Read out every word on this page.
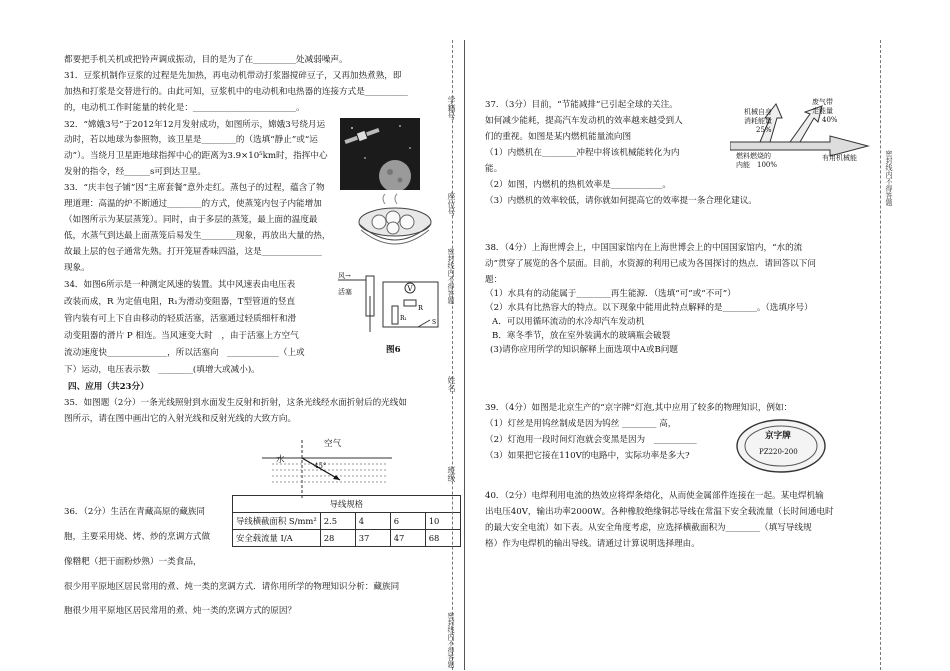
都要把手机关机或把铃声调成振动，目的是为了在__________处减弱噪声。
31．豆浆机制作豆浆的过程是先加热，再电动机带动打浆器搅碎豆子，又再加热煮熟，即
加热和打浆是交替进行的。由此可知，豆浆机中的电动机和电热器的连接方式是__________
的，电动机工作时能量的转化是：________________________。
32．“嫦娥3号”于2012年12月发射成功，如图所示，嫦娥3号绕月运
动时，若以地球为参照物，该卫星是________的（选填“静止”或“运
动”）。当绕月卫星距地球指挥中心的距离为3.9×10⁵km时，指挥中心
发射的指令，经______s可到达卫星。
33．“庆丰包子铺”因“主席套餐”意外走红。蒸包子的过程，蕴含了物
理道理：高温的炉不断通过________的方式，使蒸笼内包子内能增加
（如图所示为某层蒸笼）。同时，由于多层的蒸笼，最上面的温度最
低，水蒸气到达最上面蒸笼后易发生________现象，再放出大量的热，
故最上层的包子通常先熟。打开笼屉香味四溢，这是______________
现象。
34．如图6所示是一种测定风速的装置。其中风速表由电压表
改装而成，R 为定值电阻，R₁为滑动变阻器，T型管道的竖直
管内装有可上下自由移动的轻质活塞，活塞通过轻质细杆和滑
动变阻器的滑片 P 相连。当风速变大时　，由于活塞上方空气
流动速度快______________，所以活塞向　____________（上或
下）运动，电压表示数　________(填增大或减小)。
四、应用（共23分）
35．如图题（2分）一条光线照射到水面发生反射和折射，这条光线经水面折射后的光线如
图所示，请在图中画出它的入射光线和反射光线的大致方向。
36．（2分）生活在青藏高原的藏族同
胞，主要采用烧、烤、炒的烹调方式做
像糌粑（把干面粉炒熟）一类食品，
很少用平原地区居民常用的煮、炖一类的烹调方式．请你用所学的物理知识分析：藏族同
胞很少用平原地区居民常用的煮、炖一类的烹调方式的原因？
V
R
R₁
S
风→
活塞
图6
空气
水
45°
导线规格				
导线横截面积 S/mm²	2.5	4	6	10
安全载流量 I/A	28	37	47	68
学籍号
座位号
密封线内不得答题
姓名
班级
密封线内不得答题
密封线内不得答题
37．（3分）目前，“节能减排”已引起全球的关注。
如何减少能耗，提高汽车发动机的效率越来越受到人
们的重视。如图是某内燃机能量流向图
（1）内燃机在________冲程中将该机械能转化为内
能。
（2）如图，内燃机的热机效率是____________。
（3）内燃机的效率较低，请你就如何提高它的效率提一条合理化建议。
机械自身
消耗能量
25%
废气带
走能量
40%
燃料燃烧的
内能　100%
有用机械能
38．（4分）上海世博会上，中国国家馆内在上海世博会上的中国国家馆内，“水的流
动”贯穿了展览的各个层面。目前，水资源的利用已成为各国探讨的热点．请回答以下问
题：
（1）水具有的动能属于________再生能源．（选填“可”或“不可”）
（2）水具有比热容大的特点。以下现象中能用此特点解释的是________。（选填序号）
A．可以用循环流动的水冷却汽车发动机
B．寒冬季节，放在室外装满水的玻璃瓶会破裂
(3)请你应用所学的知识解释上面选项中A或B问题
39．（4分）如图是北京生产的“京字牌”灯泡,其中应用了较多的物理知识，例如：
（1）灯丝是用钨丝制成是因为钨丝 ________ 高，
（2）灯泡用一段时间灯泡就会变黑是因为　__________
（3）如果把它接在110V的电路中，实际功率是多大?
京字牌
PZ220-200
40．（2分）电焊利用电流的热效应将焊条熔化，从而使金属部件连接在一起。某电焊机输
出电压40V，输出功率2000W。各种橡胶绝缘铜芯导线在常温下安全载流量（长时间通电时
的最大安全电流）如下表。从安全角度考虑，应选择横截面积为________（填写导线规
格）作为电焊机的输出导线。请通过计算说明选择理由。
